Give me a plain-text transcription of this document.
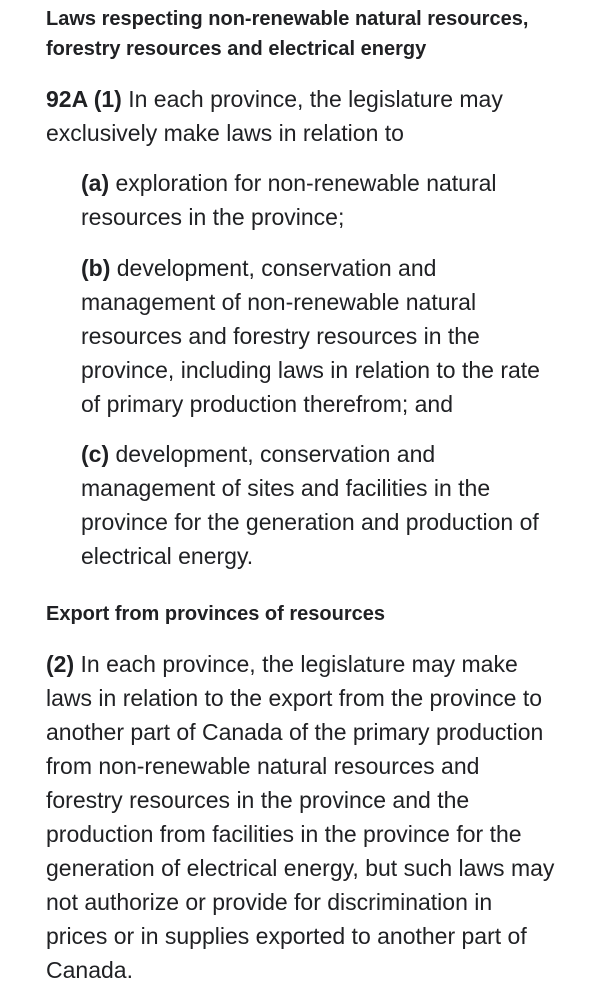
Laws respecting non-renewable natural resources, forestry resources and electrical energy

92A (1) In each province, the legislature may exclusively make laws in relation to

(a) exploration for non-renewable natural resources in the province;

(b) development, conservation and management of non-renewable natural resources and forestry resources in the province, including laws in relation to the rate of primary production therefrom; and

(c) development, conservation and management of sites and facilities in the province for the generation and production of electrical energy.

Export from provinces of resources

(2) In each province, the legislature may make laws in relation to the export from the province to another part of Canada of the primary production from non-renewable natural resources and forestry resources in the province and the production from facilities in the province for the generation of electrical energy, but such laws may not authorize or provide for discrimination in prices or in supplies exported to another part of Canada.
